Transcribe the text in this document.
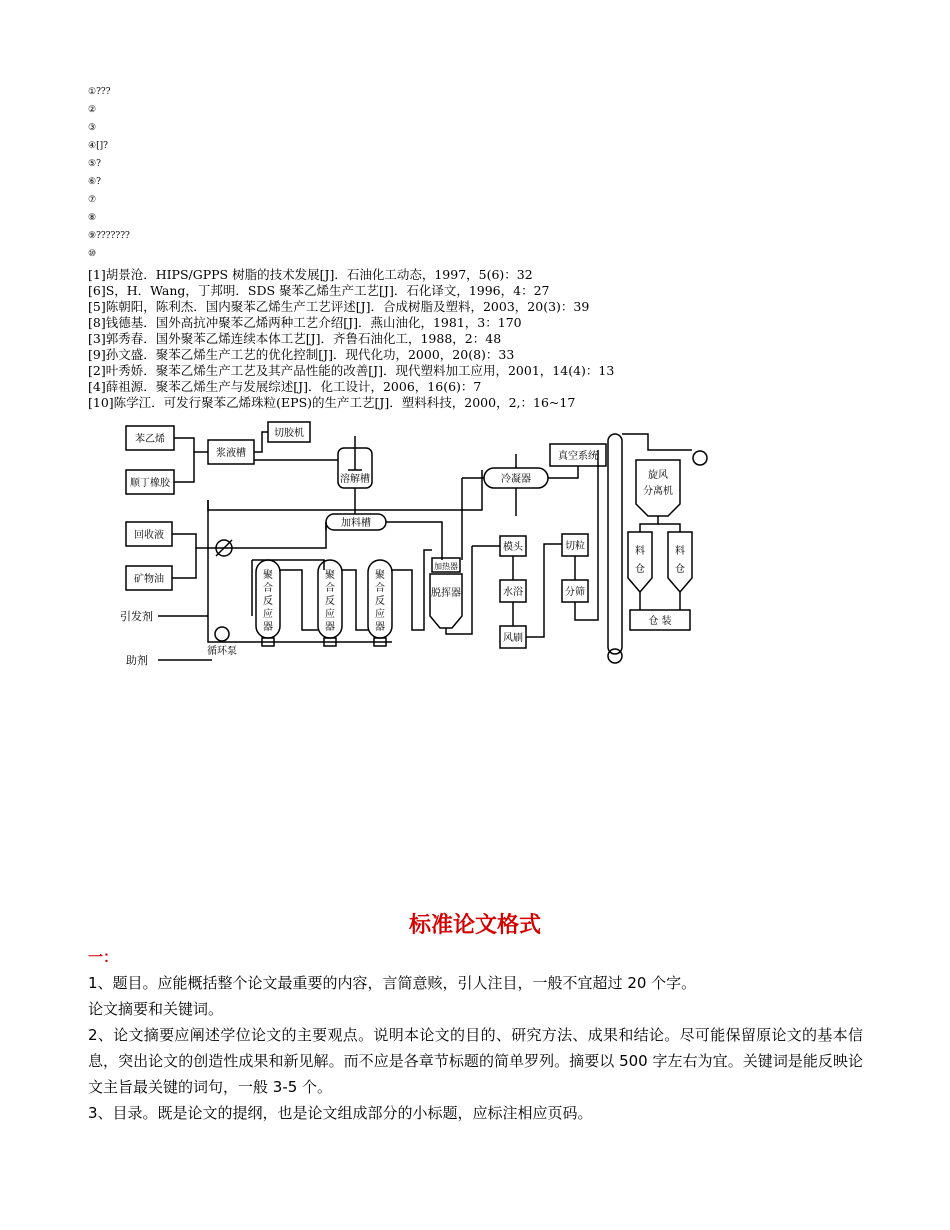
①???
②
③
④[]?
⑤?
⑥?
⑦
⑧
⑨???????
⑩
[1]胡景沧．HIPS/GPPS 树脂的技术发展[J]．石油化工动态，1997，5(6)：32
[6]S，H．Wang，丁邦明．SDS 聚苯乙烯生产工艺[J]．石化译文，1996，4：27
[5]陈朝阳，陈利杰．国内聚苯乙烯生产工艺评述[J]．合成树脂及塑料，2003，20(3)：39
[8]钱德基．国外高抗冲聚苯乙烯两种工艺介绍[J]．燕山油化，1981，3：170
[3]郭秀春．国外聚苯乙烯连续本体工艺[J]．齐鲁石油化工，1988，2：48
[9]孙文盛．聚苯乙烯生产工艺的优化控制[J]．现代化功，2000，20(8)：33
[2]叶秀娇．聚苯乙烯生产工艺及其产品性能的改善[J]．现代塑料加工应用，2001，14(4)：13
[4]薛祖源．聚苯乙烯生产与发展综述[J]．化工设计，2006，16(6)：7
[10]陈学江．可发行聚苯乙烯珠粒(EPS)的生产工艺[J]．塑料科技，2000，2,：16~17
苯乙烯
顺丁橡胶
切胶机
浆液槽
溶解槽
加料槽
回收液
矿物油
引发剂
助剂
循环泵
聚
合
反
应
器
聚
合
反
应
器
聚
合
反
应
器
加热器
脱挥器
冷凝器
真空系统
模头
水浴
风刷
切粒
分筛
旋风
分离机
料
仓
料
仓
仓 装
标准论文格式
一：

1、题目。应能概括整个论文最重要的内容，言简意赅，引人注目，一般不宜超过 20 个字。

论文摘要和关键词。

2、论文摘要应阐述学位论文的主要观点。说明本论文的目的、研究方法、成果和结论。尽可能保留原论文的基本信息，突出论文的创造性成果和新见解。而不应是各章节标题的简单罗列。摘要以 500 字左右为宜。关键词是能反映论文主旨最关键的词句，一般 3-5 个。

3、目录。既是论文的提纲，也是论文组成部分的小标题，应标注相应页码。
